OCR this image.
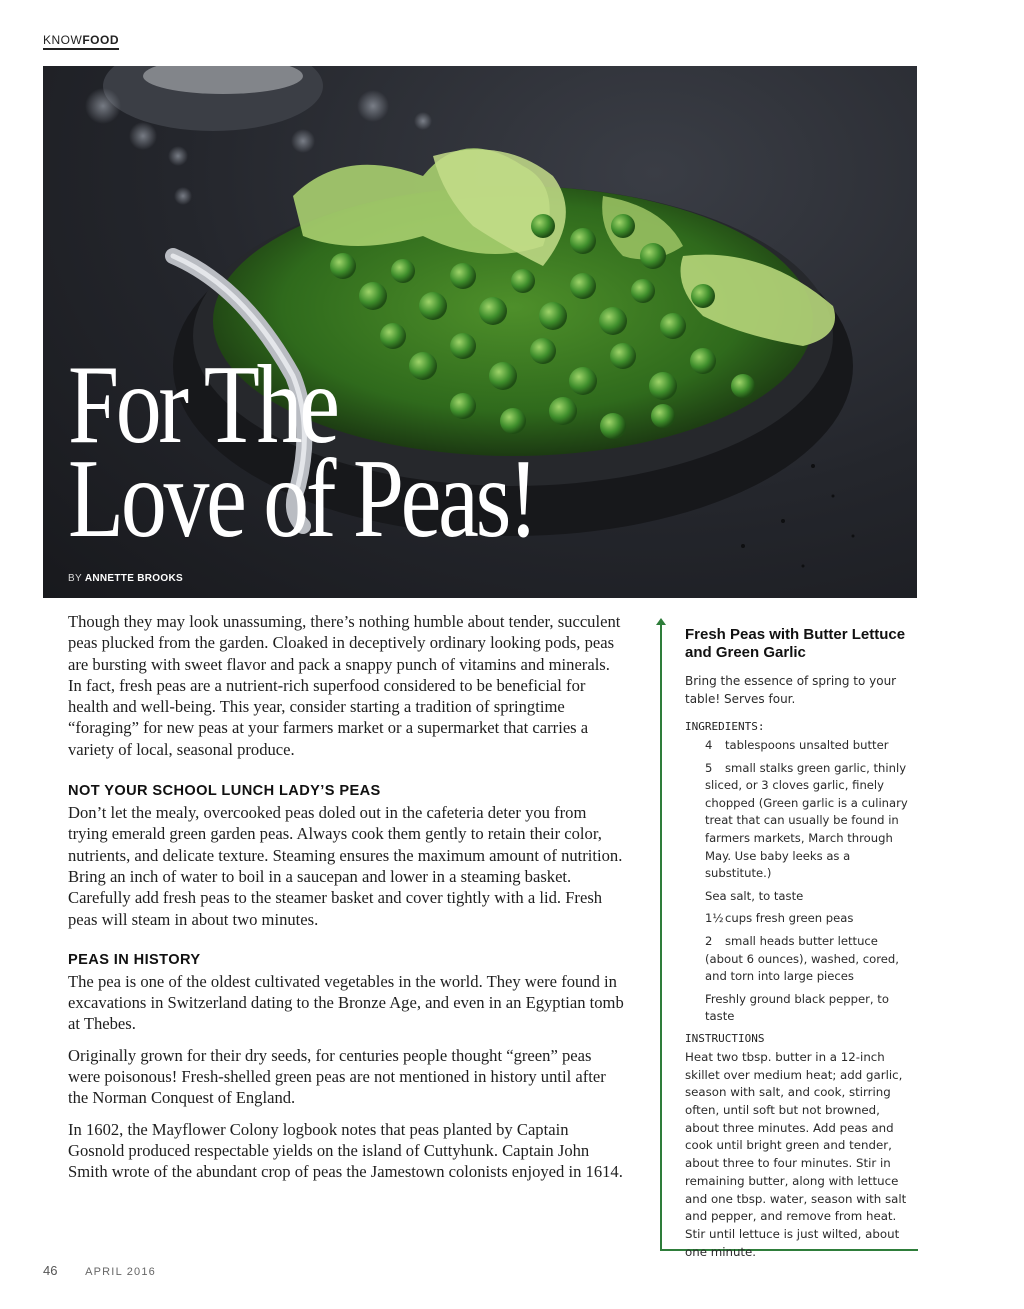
KNOWFOOD
For The
Love of Peas!
BY ANNETTE BROOKS

Though they may look unassuming, there’s nothing humble about tender, succulent peas plucked from the garden. Cloaked in deceptively ordinary looking pods, peas are bursting with sweet flavor and pack a snappy punch of vitamins and minerals. In fact, fresh peas are a nutrient-rich superfood considered to be beneficial for health and well-being. This year, consider starting a tradition of springtime “foraging” for new peas at your farmers market or a supermarket that carries a variety of local, seasonal produce.

NOT YOUR SCHOOL LUNCH LADY’S PEAS

Don’t let the mealy, overcooked peas doled out in the cafeteria deter you from trying emerald green garden peas. Always cook them gently to retain their color, nutrients, and delicate texture. Steaming ensures the maximum amount of nutrition. Bring an inch of water to boil in a saucepan and lower in a steaming basket. Carefully add fresh peas to the steamer basket and cover tightly with a lid. Fresh peas will steam in about two minutes.

PEAS IN HISTORY

The pea is one of the oldest cultivated vegetables in the world. They were found in excavations in Switzerland dating to the Bronze Age, and even in an Egyptian tomb at Thebes.

Originally grown for their dry seeds, for centuries people thought “green” peas were poisonous! Fresh-shelled green peas are not mentioned in history until after the Norman Conquest of England.

In 1602, the Mayflower Colony logbook notes that peas planted by Captain Gosnold produced respectable yields on the island of Cuttyhunk. Captain John Smith wrote of the abundant crop of peas the Jamestown colonists enjoyed in 1614.

Fresh Peas with Butter Lettuce and Green Garlic

Bring the essence of spring to your table! Serves four.

INGREDIENTS:
4 tablespoons unsalted butter
5 small stalks green garlic, thinly sliced, or 3 cloves garlic, finely chopped (Green garlic is a culinary treat that can usually be found in farmers markets, March through May. Use baby leeks as a substitute.)
Sea salt, to taste
1½cups fresh green peas
2 small heads butter lettuce (about 6 ounces), washed, cored, and torn into large pieces
Freshly ground black pepper, to taste
INSTRUCTIONS

Heat two tbsp. butter in a 12-inch skillet over medium heat; add garlic, season with salt, and cook, stirring often, until soft but not browned, about three minutes. Add peas and cook until bright green and tender, about three to four minutes. Stir in remaining butter, along with lettuce and one tbsp. water, season with salt and pepper, and remove from heat. Stir until lettuce is just wilted, about one minute.

46	APRIL 2016
